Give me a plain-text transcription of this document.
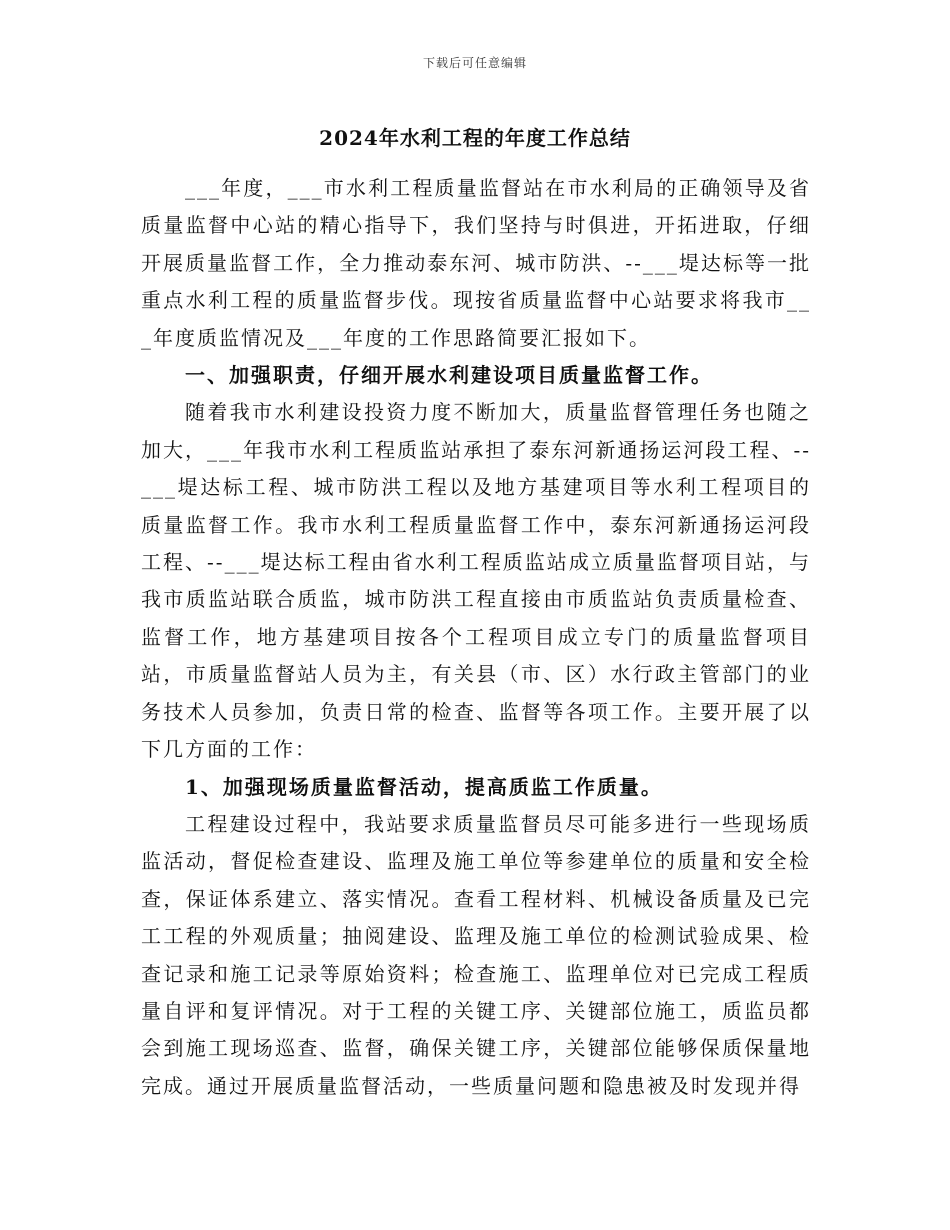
下载后可任意编辑
2024年水利工程的年度工作总结

___年度，___市水利工程质量监督站在市水利局的正确领导及省质量监督中心站的精心指导下，我们坚持与时俱进，开拓进取，仔细开展质量监督工作，全力推动泰东河、城市防洪、--___堤达标等一批重点水利工程的质量监督步伐。现按省质量监督中心站要求将我市___年度质监情况及___年度的工作思路简要汇报如下。

一、加强职责，仔细开展水利建设项目质量监督工作。

随着我市水利建设投资力度不断加大，质量监督管理任务也随之加大，___年我市水利工程质监站承担了泰东河新通扬运河段工程、--___堤达标工程、城市防洪工程以及地方基建项目等水利工程项目的质量监督工作。我市水利工程质量监督工作中，泰东河新通扬运河段工程、--___堤达标工程由省水利工程质监站成立质量监督项目站，与我市质监站联合质监，城市防洪工程直接由市质监站负责质量检查、监督工作，地方基建项目按各个工程项目成立专门的质量监督项目站，市质量监督站人员为主，有关县（市、区）水行政主管部门的业务技术人员参加，负责日常的检查、监督等各项工作。主要开展了以下几方面的工作：

1、加强现场质量监督活动，提高质监工作质量。

工程建设过程中，我站要求质量监督员尽可能多进行一些现场质监活动，督促检查建设、监理及施工单位等参建单位的质量和安全检查，保证体系建立、落实情况。查看工程材料、机械设备质量及已完工工程的外观质量；抽阅建设、监理及施工单位的检测试验成果、检查记录和施工记录等原始资料；检查施工、监理单位对已完成工程质量自评和复评情况。对于工程的关键工序、关键部位施工，质监员都会到施工现场巡查、监督，确保关键工序，关键部位能够保质保量地完成。通过开展质量监督活动，一些质量问题和隐患被及时发现并得
